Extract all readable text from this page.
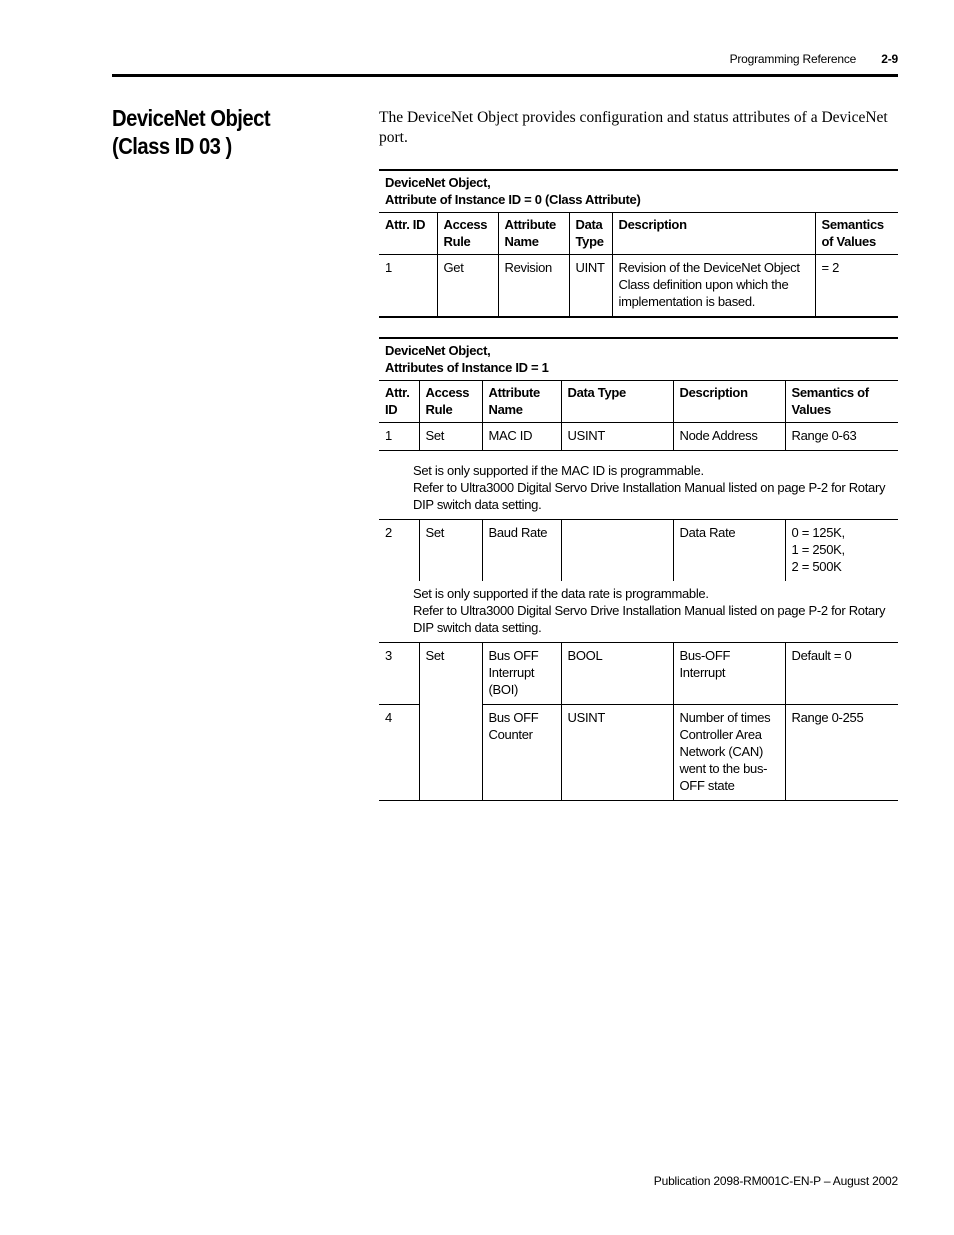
Programming Reference 2-9
DeviceNet Object
(Class ID 03 )
The DeviceNet Object provides configuration and status attributes of a DeviceNet port.
DeviceNet Object,
Attribute of Instance ID = 0 (Class Attribute)					

Attr. ID	Access Rule	Attribute Name	Data Type	Description	Semantics of Values
1	Get	Revision	UINT	Revision of the DeviceNet Object Class definition upon which the implementation is based.	= 2
DeviceNet Object,
Attributes of Instance ID = 1					

Attr. ID	Access Rule	Attribute Name	Data Type	Description	Semantics of Values
1	Set	MAC ID	USINT	Node Address	Range 0-63

Set is only supported if the MAC ID is programmable.
Refer to Ultra3000 Digital Servo Drive Installation Manual listed on page P-2 for Rotary DIP switch data setting.					

2	Set	Baud Rate		Data Rate	0 = 125K,
1 = 250K,
2 = 500K

Set is only supported if the data rate is programmable.
Refer to Ultra3000 Digital Servo Drive Installation Manual listed on page P-2 for Rotary DIP switch data setting.					

3	Set	Bus OFF Interrupt (BOI)	BOOL	Bus-OFF Interrupt	Default = 0
4		Bus OFF Counter	USINT	Number of times Controller Area Network (CAN) went to the bus-OFF state	Range 0-255
Publication 2098-RM001C-EN-P – August 2002
